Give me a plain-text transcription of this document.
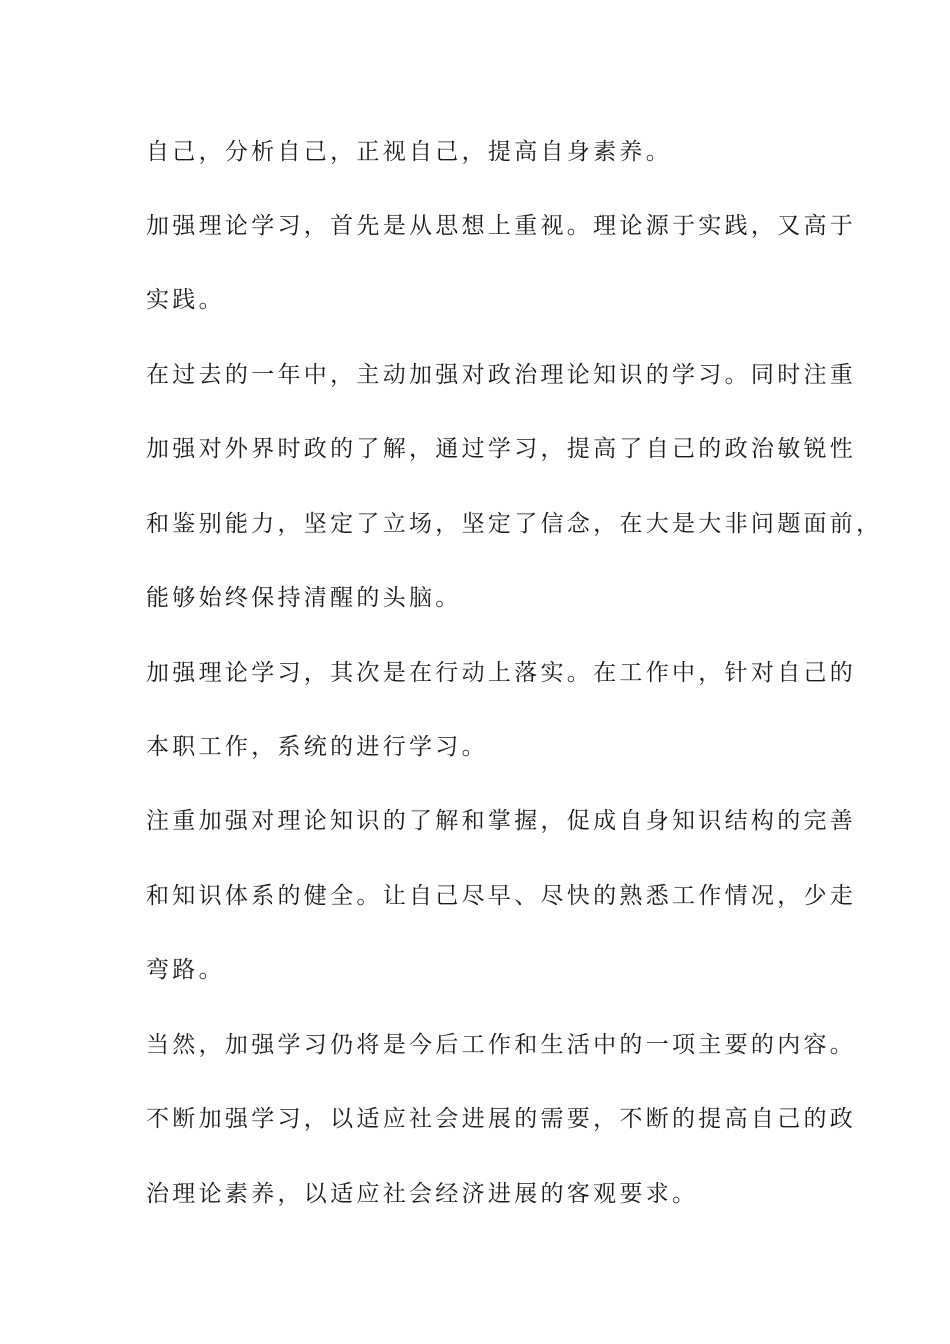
自己，分析自己，正视自己，提高自身素养。

加强理论学习，首先是从思想上重视。理论源于实践，又高于

实践。

在过去的一年中，主动加强对政治理论知识的学习。同时注重

加强对外界时政的了解，通过学习，提高了自己的政治敏锐性

和鉴别能力，坚定了立场，坚定了信念，在大是大非问题面前，

能够始终保持清醒的头脑。

加强理论学习，其次是在行动上落实。在工作中，针对自己的

本职工作，系统的进行学习。

注重加强对理论知识的了解和掌握，促成自身知识结构的完善

和知识体系的健全。让自己尽早、尽快的熟悉工作情况，少走

弯路。

当然，加强学习仍将是今后工作和生活中的一项主要的内容。

不断加强学习，以适应社会进展的需要，不断的提高自己的政

治理论素养，以适应社会经济进展的客观要求。
